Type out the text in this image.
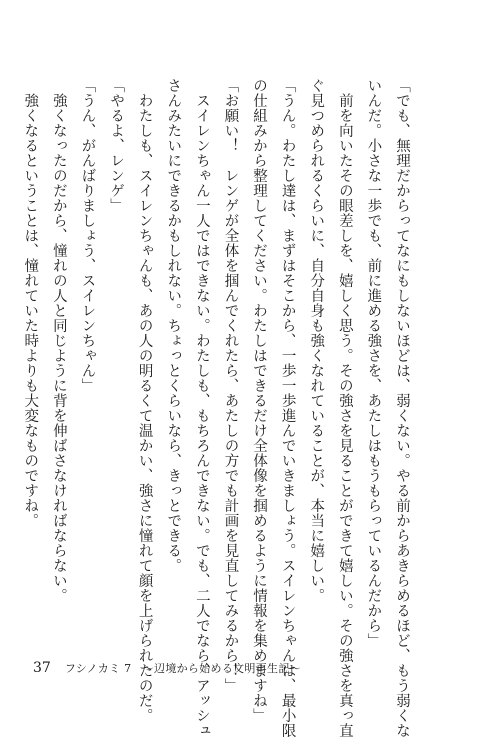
「でも、無理だからってなにもしないほどは、弱くない。やる前からあきらめるほど、もう弱くな
いんだ。小さな一歩でも、前に進める強さを、あたしはもうもらっているんだから」
　前を向いたその眼差しを、嬉しく思う。その強さを見ることができて嬉しい。その強さを真っ直
ぐ見つめられるくらいに、自分自身も強くなれていることが、本当に嬉しい。
「うん。わたし達は、まずはそこから、一歩一歩進んでいきましょう。スイレンちゃんは、最小限
の仕組みから整理してください。わたしはできるだけ全体像を掴めるように情報を集めますね」
「お願い！　レンゲが全体を掴んでくれたら、あたしの方でも計画を見直してみるから！」
　スイレンちゃん一人ではできない。わたしも、もちろんできない。でも、二人でなら、アッシュ
さんみたいにできるかもしれない。ちょっとくらいなら、きっとできる。
　わたしも、スイレンちゃんも、あの人の明るくて温かい、強さに憧れて顔を上げられたのだ。
「やるよ、レンゲ」
「うん、がんばりましょう、スイレンちゃん」
　強くなったのだから、憧れの人と同じように背を伸ばさなければならない。
　強くなるということは、憧れていた時よりも大変なものですね。
37 フシノカミ 7　～辺境から始める文明再生記～
